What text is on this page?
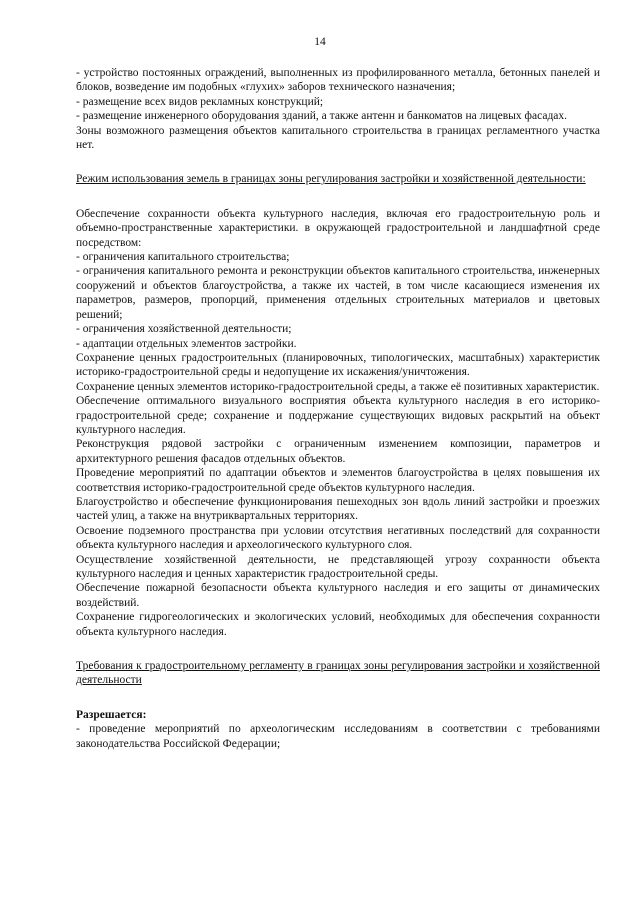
14

- устройство постоянных ограждений, выполненных из профилированного металла, бетонных панелей и блоков, возведение им подобных «глухих» заборов технического назначения;

- размещение всех видов рекламных конструкций;

- размещение инженерного оборудования зданий, а также антенн и банкоматов на лицевых фасадах.

Зоны возможного размещения объектов капитального строительства в границах регламентного участка нет.

Режим использования земель в границах зоны регулирования застройки и хозяйственной деятельности:

Обеспечение сохранности объекта культурного наследия, включая его градостроительную роль и объемно-пространственные характеристики. в окружающей градостроительной и ландшафтной среде посредством:

- ограничения капитального строительства;

- ограничения капитального ремонта и реконструкции объектов капитального строительства, инженерных сооружений и объектов благоустройства, а также их частей, в том числе касающиеся изменения их параметров, размеров, пропорций, применения отдельных строительных материалов и цветовых решений;

- ограничения хозяйственной деятельности;

- адаптации отдельных элементов застройки.

Сохранение ценных градостроительных (планировочных, типологических, масштабных) характеристик историко-градостроительной среды и недопущение их искажения/уничтожения.

Сохранение ценных элементов историко-градостроительной среды, а также её позитивных характеристик.

Обеспечение оптимального визуального восприятия объекта культурного наследия в его историко-градостроительной среде; сохранение и поддержание существующих видовых раскрытий на объект культурного наследия.

Реконструкция рядовой застройки с ограниченным изменением композиции, параметров и архитектурного решения фасадов отдельных объектов.

Проведение мероприятий по адаптации объектов и элементов благоустройства в целях повышения их соответствия историко-градостроительной среде объектов культурного наследия.

Благоустройство и обеспечение функционирования пешеходных зон вдоль линий застройки и проезжих частей улиц, а также на внутриквартальных территориях.

Освоение подземного пространства при условии отсутствия негативных последствий для сохранности объекта культурного наследия и археологического культурного слоя.

Осуществление хозяйственной деятельности, не представляющей угрозу сохранности объекта культурного наследия и ценных характеристик градостроительной среды.

Обеспечение пожарной безопасности объекта культурного наследия и его защиты от динамических воздействий.

Сохранение гидрогеологических и экологических условий, необходимых для обеспечения сохранности объекта культурного наследия.

Требования к градостроительному регламенту в границах зоны регулирования застройки и хозяйственной деятельности

Разрешается:

- проведение мероприятий по археологическим исследованиям в соответствии с требованиями законодательства Российской Федерации;
